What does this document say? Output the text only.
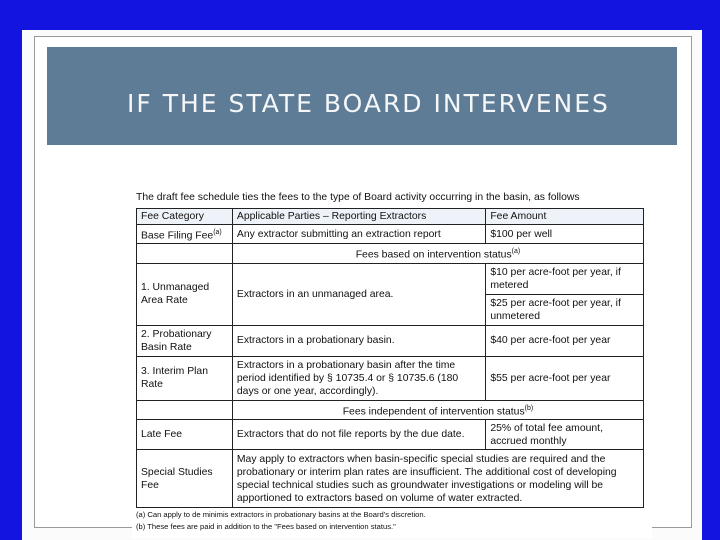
IF THE STATE BOARD INTERVENES
The draft fee schedule ties the fees to the type of Board activity occurring in the basin, as follows
Fee Category	Applicable Parties – Reporting Extractors	Fee Amount
Base Filing Fee$^{(a)}$	Any extractor submitting an extraction report	$100 per well
	Fees based on intervention status$^{(a)}$
1. Unmanaged Area Rate	Extractors in an unmanaged area.	$10 per acre-foot per year, if metered
		$25 per acre-foot per year, if unmetered
2. Probationary Basin Rate	Extractors in a probationary basin.	$40 per acre-foot per year
3. Interim Plan Rate	Extractors in a probationary basin after the time period identified by § 10735.4 or § 10735.6 (180 days or one year, accordingly).	$55 per acre-foot per year
	Fees independent of intervention status$^{(b)}$
Late Fee	Extractors that do not file reports by the due date.	25% of total fee amount, accrued monthly
Special Studies Fee	May apply to extractors when basin-specific special studies are required and the probationary or interim plan rates are insufficient. The additional cost of developing special technical studies such as groundwater investigations or modeling will be apportioned to extractors based on volume of water extracted.	
(a) Can apply to de minimis extractors in probationary basins at the Board's discretion.
(b) These fees are paid in addition to the "Fees based on intervention status."
